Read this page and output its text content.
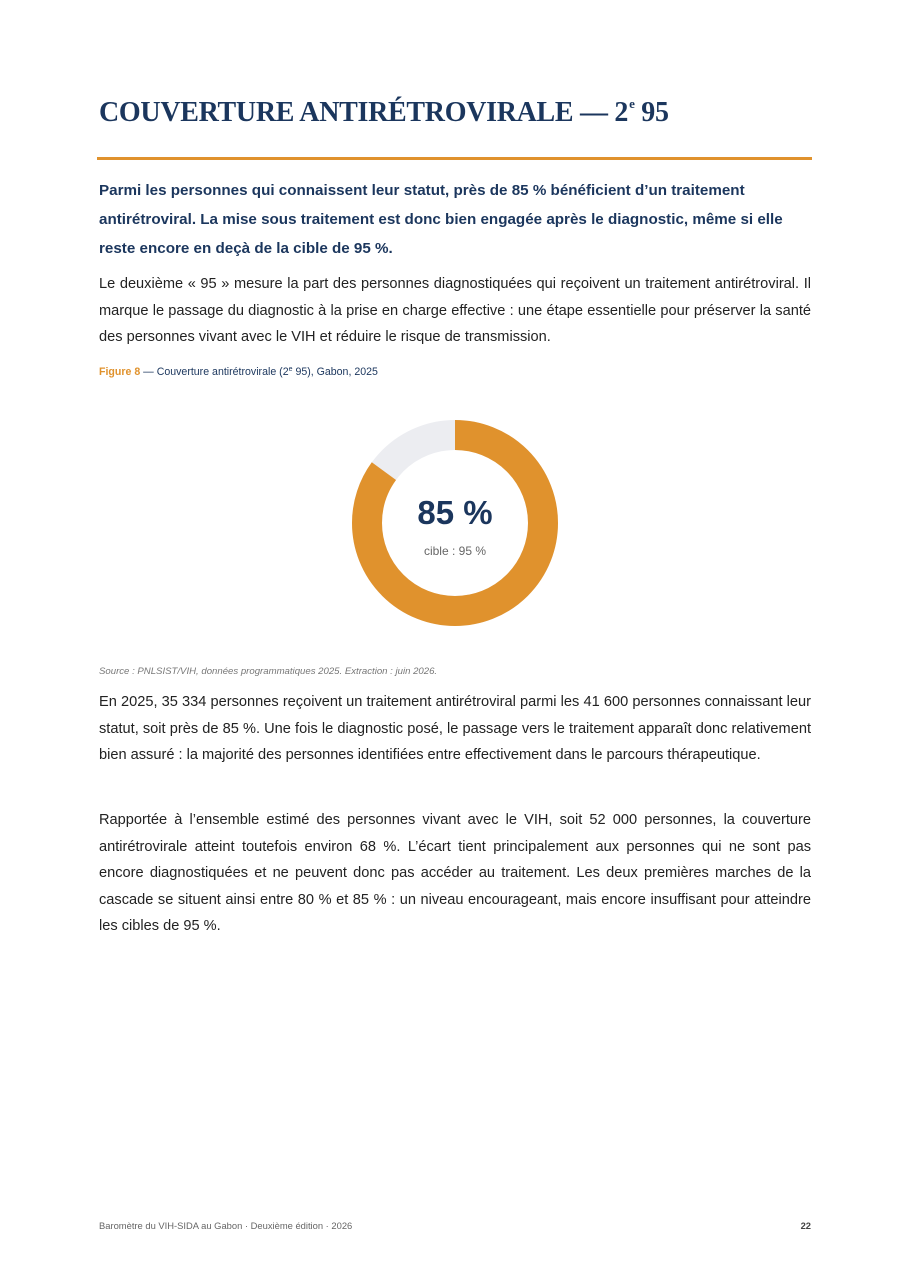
COUVERTURE ANTIRÉTROVIRALE — 2e 95

Parmi les personnes qui connaissent leur statut, près de 85 % bénéficient d’un traitement antirétroviral. La mise sous traitement est donc bien engagée après le diagnostic, même si elle reste encore en deçà de la cible de 95 %.

Le deuxième « 95 » mesure la part des personnes diagnostiquées qui reçoivent un traitement antirétroviral. Il marque le passage du diagnostic à la prise en charge effective : une étape essentielle pour préserver la santé des personnes vivant avec le VIH et réduire le risque de transmission.

Figure 8 — Couverture antirétrovirale (2e 95), Gabon, 2025

85 %
cible : 95 %

Source : PNLSIST/VIH, données programmatiques 2025. Extraction : juin 2026.

En 2025, 35 334 personnes reçoivent un traitement antirétroviral parmi les 41 600 personnes connaissant leur statut, soit près de 85 %. Une fois le diagnostic posé, le passage vers le traitement apparaît donc relativement bien assuré : la majorité des personnes identifiées entre effectivement dans le parcours thérapeutique.

Rapportée à l’ensemble estimé des personnes vivant avec le VIH, soit 52 000 personnes, la couverture antirétrovirale atteint toutefois environ 68 %. L’écart tient principalement aux personnes qui ne sont pas encore diagnostiquées et ne peuvent donc pas accéder au traitement. Les deux premières marches de la cascade se situent ainsi entre 80 % et 85 % : un niveau encourageant, mais encore insuffisant pour atteindre les cibles de 95 %.

Baromètre du VIH-SIDA au Gabon · Deuxième édition · 2026	22
